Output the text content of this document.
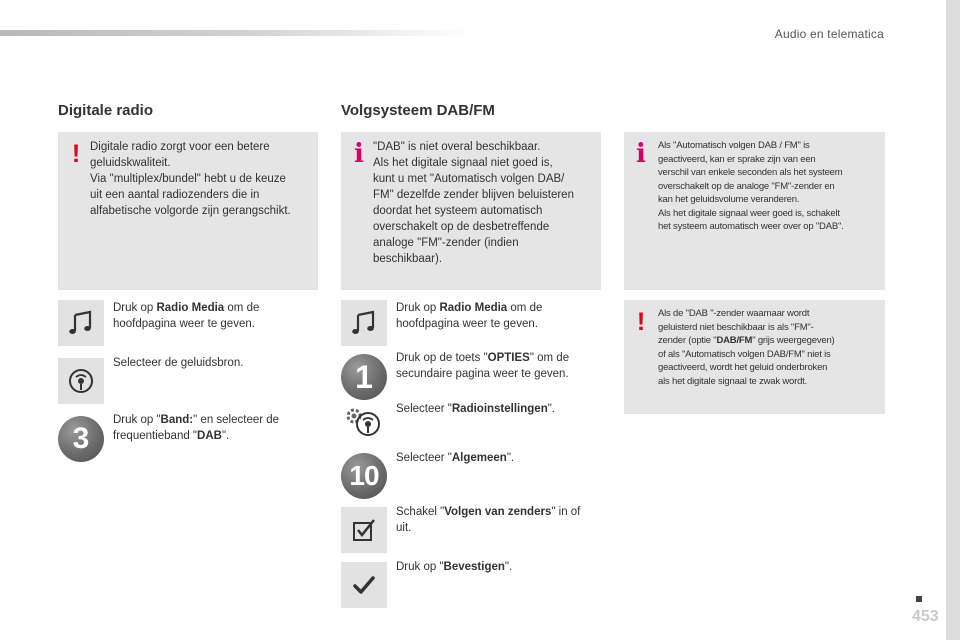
Audio en telematica
Digitale radio
! Digitale radio zorgt voor een betere
geluidskwaliteit.
Via "multiplex/bundel" hebt u de keuze
uit een aantal radiozenders die in
alfabetische volgorde zijn gerangschikt.
Druk op Radio Media om de hoofdpagina weer te geven.
Selecteer de geluidsbron.
3
Druk op "Band:" en selecteer de frequentieband "DAB".
Volgsysteem DAB/FM
i "DAB" is niet overal beschikbaar.
Als het digitale signaal niet goed is,
kunt u met "Automatisch volgen DAB/
FM" dezelfde zender blijven beluisteren
doordat het systeem automatisch
overschakelt op de desbetreffende
analoge "FM"-zender (indien
beschikbaar).
Druk op Radio Media om de hoofdpagina weer te geven.
1
Druk op de toets "OPTIES" om de secundaire pagina weer te geven.
Selecteer "Radioinstellingen".
10
Selecteer "Algemeen".
Schakel "Volgen van zenders" in of uit.
Druk op "Bevestigen".
i Als "Automatisch volgen DAB / FM" is
geactiveerd, kan er sprake zijn van een
verschil van enkele seconden als het systeem
overschakelt op de analoge "FM"-zender en
kan het geluidsvolume veranderen.
Als het digitale signaal weer goed is, schakelt
het systeem automatisch weer over op "DAB".
! Als de "DAB "-zender waarnaar wordt
geluisterd niet beschikbaar is als "FM"-
zender (optie "DAB/FM" grijs weergegeven)
of als "Automatisch volgen DAB/FM" niet is
geactiveerd, wordt het geluid onderbroken
als het digitale signaal te zwak wordt.
453
